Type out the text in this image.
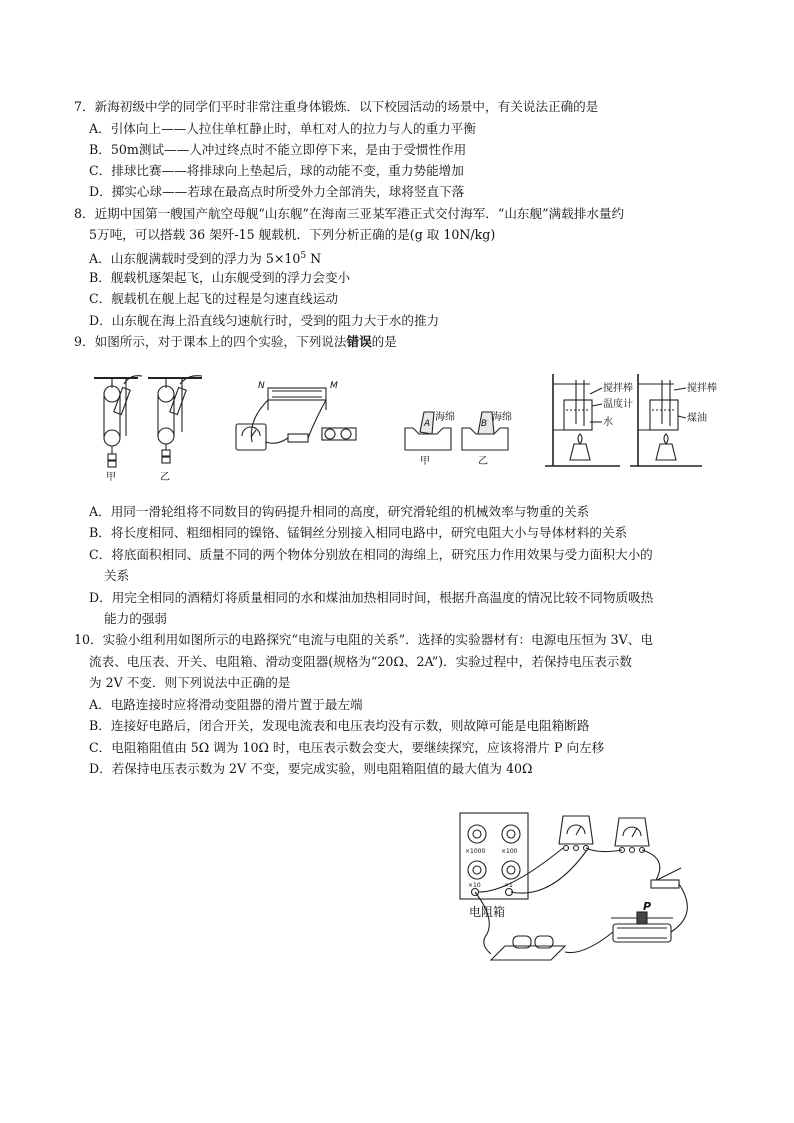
7．新海初级中学的同学们平时非常注重身体锻炼．以下校园活动的场景中，有关说法正确的是
A．引体向上——人拉住单杠静止时，单杠对人的拉力与人的重力平衡
B．50m测试——人冲过终点时不能立即停下来，是由于受惯性作用
C．排球比赛——将排球向上垫起后，球的动能不变，重力势能增加
D．掷实心球——若球在最高点时所受外力全部消失，球将竖直下落
8．近期中国第一艘国产航空母舰“山东舰”在海南三亚某军港正式交付海军．“山东舰”满载排水量约
5万吨，可以搭载 36 架歼-15 舰载机．下列分析正确的是(g 取 10N/kg)
A．山东舰满载时受到的浮力为 $5\times 10^5$ N
B．舰载机逐架起飞，山东舰受到的浮力会变小
C．舰载机在舰上起飞的过程是匀速直线运动
D．山东舰在海上沿直线匀速航行时，受到的阻力大于水的推力
9．如图所示，对于课本上的四个实验，下列说法错误的是
N	M
A	B
甲	乙
海绵	海绵
甲	乙
搅拌棒
温度计
水
搅拌棒
煤油
A．用同一滑轮组将不同数目的钩码提升相同的高度，研究滑轮组的机械效率与物重的关系
B．将长度相同、粗细相同的镍铬、锰铜丝分别接入相同电路中，研究电阻大小与导体材料的关系
C．将底面积相同、质量不同的两个物体分别放在相同的海绵上，研究压力作用效果与受力面积大小的
关系
D．用完全相同的酒精灯将质量相同的水和煤油加热相同时间，根据升高温度的情况比较不同物质吸热
能力的强弱
10．实验小组利用如图所示的电路探究“电流与电阻的关系”．选择的实验器材有：电源电压恒为 3V、电
流表、电压表、开关、电阻箱、滑动变阻器(规格为“20Ω、2A”)．实验过程中，若保持电压表示数
为 2V 不变．则下列说法中正确的是
A．电路连接时应将滑动变阻器的滑片置于最左端
B．连接好电路后，闭合开关，发现电流表和电压表均没有示数，则故障可能是电阻箱断路
C．电阻箱阻值由 5Ω 调为 10Ω 时，电压表示数会变大，要继续探究，应该将滑片 P 向左移
D．若保持电压表示数为 2V 不变，要完成实验，则电阻箱阻值的最大值为 40Ω
×1000	×100
×10	×1
电阻箱	P
